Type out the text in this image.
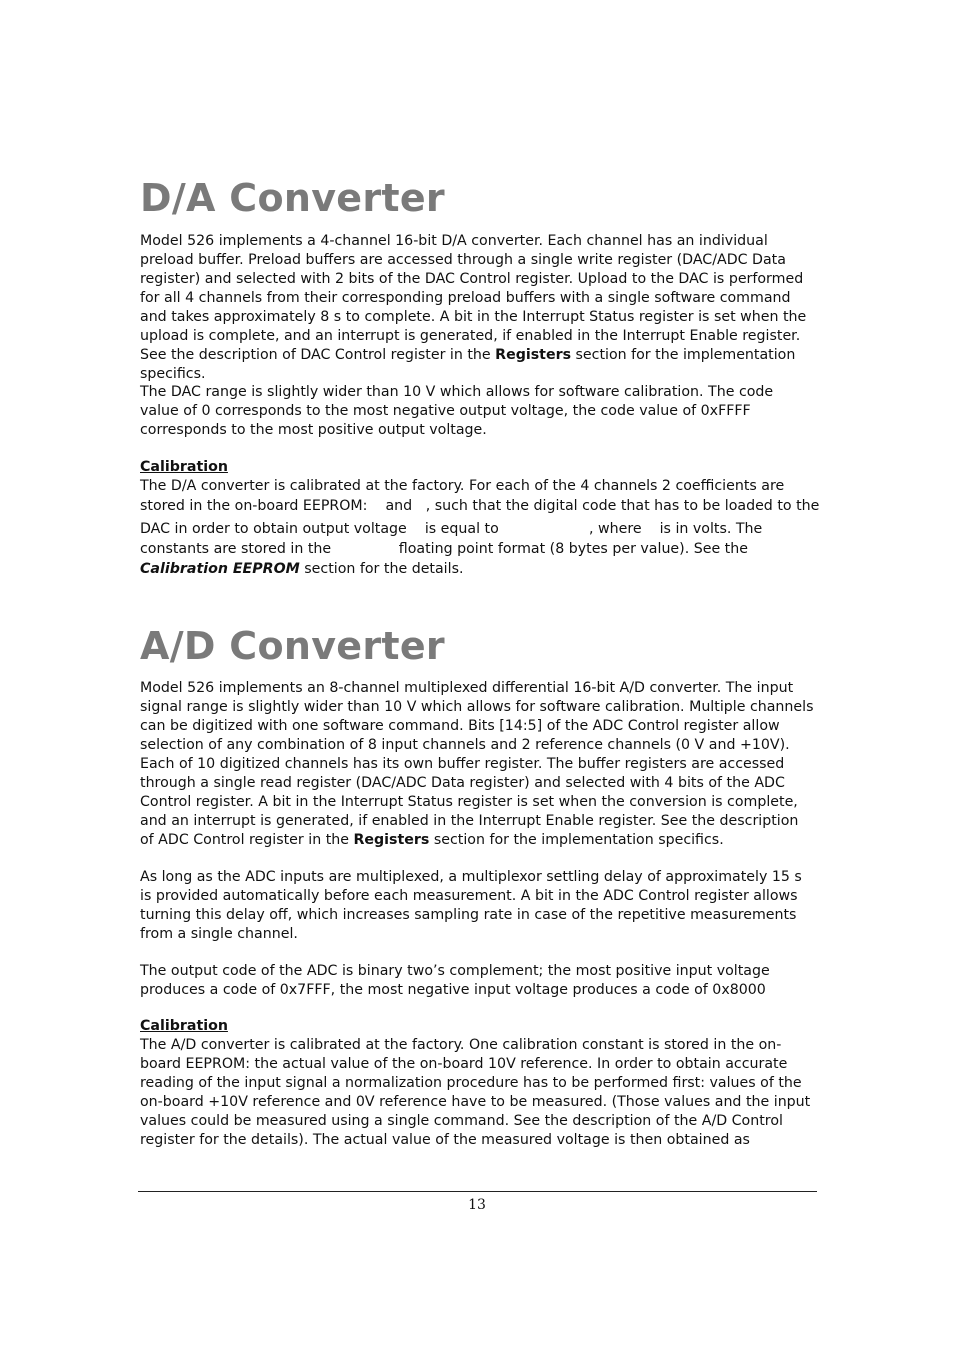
D/A Converter

Model 526 implements a 4-channel 16-bit D/A converter. Each channel has an individual preload buffer. Preload buffers are accessed through a single write register (DAC/ADC Data register) and selected with 2 bits of the DAC Control register. Upload to the DAC is performed for all 4 channels from their corresponding preload buffers with a single software command and takes approximately 8 s to complete. A bit in the Interrupt Status register is set when the upload is complete, and an interrupt is generated, if enabled in the Interrupt Enable register. See the description of DAC Control register in the Registers section for the implementation specifics.

The DAC range is slightly wider than 10 V which allows for software calibration. The code value of 0 corresponds to the most negative output voltage, the code value of 0xFFFF corresponds to the most positive output voltage.

Calibration

The D/A converter is calibrated at the factory. For each of the 4 channels 2 coefficients are

stored in the on-board EEPROM:    and   , such that the digital code that has to be loaded to the

DAC in order to obtain output voltage    is equal to                    , where    is in volts. The

constants are stored in the               floating point format (8 bytes per value). See the

Calibration EEPROM section for the details.

A/D Converter

Model 526 implements an 8-channel multiplexed differential 16-bit A/D converter. The input signal range is slightly wider than 10 V which allows for software calibration. Multiple channels can be digitized with one software command. Bits [14:5] of the ADC Control register allow selection of any combination of 8 input channels and 2 reference channels (0 V and +10V). Each of 10 digitized channels has its own buffer register. The buffer registers are accessed through a single read register (DAC/ADC Data register) and selected with 4 bits of the ADC Control register. A bit in the Interrupt Status register is set when the conversion is complete, and an interrupt is generated, if enabled in the Interrupt Enable register. See the description of ADC Control register in the Registers section for the implementation specifics.

As long as the ADC inputs are multiplexed, a multiplexor settling delay of approximately 15 s is provided automatically before each measurement. A bit in the ADC Control register allows turning this delay off, which increases sampling rate in case of the repetitive measurements from a single channel.

The output code of the ADC is binary two’s complement; the most positive input voltage produces a code of 0x7FFF, the most negative input voltage produces a code of 0x8000

Calibration

The A/D converter is calibrated at the factory. One calibration constant is stored in the on-board EEPROM: the actual value of the on-board 10V reference. In order to obtain accurate reading of the input signal a normalization procedure has to be performed first: values of the on-board +10V reference and 0V reference have to be measured. (Those values and the input values could be measured using a single command. See the description of the A/D Control register for the details). The actual value of the measured voltage is then obtained as

13
